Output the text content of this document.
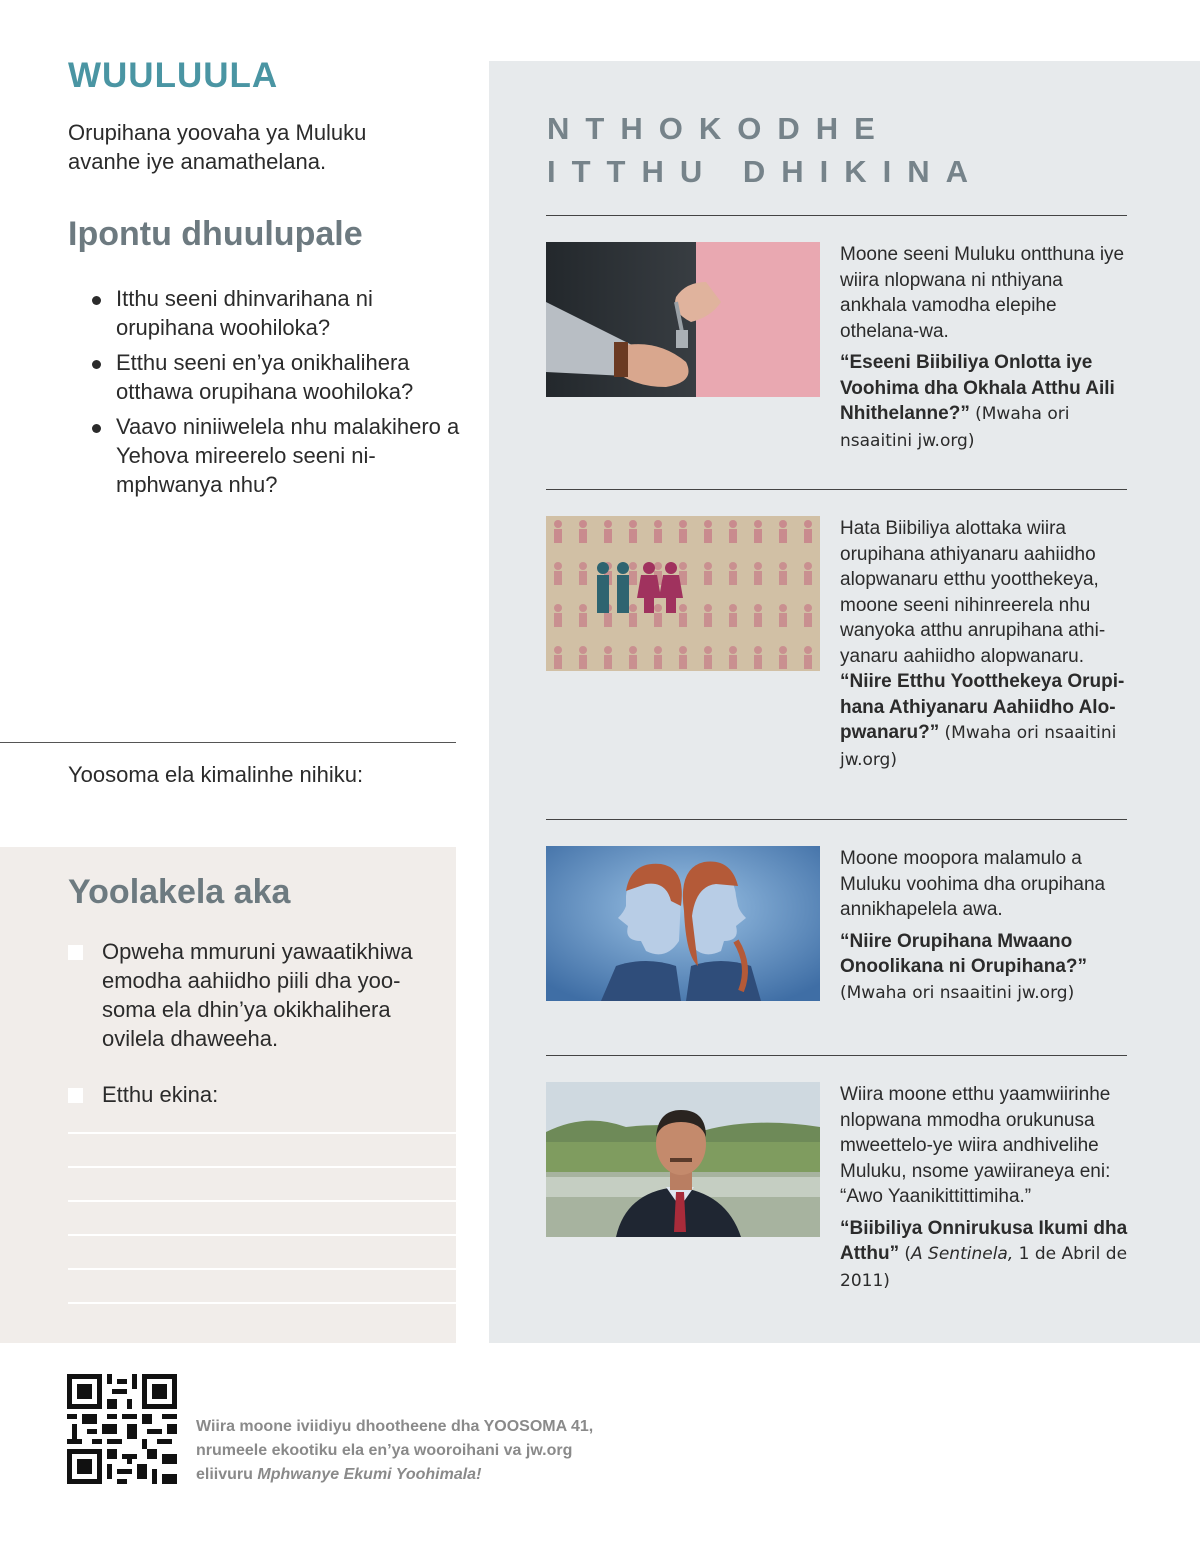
WUULUULA

Orupihana yoovaha ya Muluku avanhe iye anamathelana.

Ipontu dhuulupale
Itthu seeni dhinvarihana ni orupihana woohiloka?
Etthu seeni en’ya onikhalihera otthawa orupihana woohiloka?
Vaavo niniiwelela nhu malakihero a Yehova mireerelo seeni nimphwanya nhu?
Yoosoma ela kimalinhe nihiku:
Yoolakela aka
Opweha mmuruni yawaatikhiwa emodha aahiidho piili dha yoosoma ela dhin’ya okikhalihera ovilela dhaweeha.
Etthu ekina:
NTHOKODHE
ITTHU DHIKINA

Moone seeni Muluku ontthuna iye wiira nlopwana ni nthiyana ankhala vamodha elepihe othelana-wa.

“Eseeni Biibiliya Onlotta iye Voohima dha Okhala Atthu Aili Nhithelanne?” (Mwaha ori nsaaitini jw.org)

Hata Biibiliya alottaka wiira orupihana athiyanaru aahiidho alopwanaru etthu yootthekeya, moone seeni nihinreerela nhu wanyoka atthu anrupihana athiyanaru aahiidho alopwanaru.

“Niire Etthu Yootthekeya Orupihana Athiyanaru Aahiidho Alopwanaru?” (Mwaha ori nsaaitini jw.org)

Moone moopora malamulo a Muluku voohima dha orupihana annikhapelela awa.

“Niire Orupihana Mwaano Onoolikana ni Orupihana?” (Mwaha ori nsaaitini jw.org)

Wiira moone etthu yaamwiirinhe nlopwana mmodha orukunusa mweettelo-ye wiira andhivelihe Muluku, nsome yawiiraneya eni: “Awo Yaanikittittimiha.”

“Biibiliya Onnirukusa Ikumi dha Atthu” (A Sentinela, 1 de Abril de 2011)

Wiira moone iviidiyu dhootheene dha YOOSOMA 41,
nrumeele ekootiku ela en’ya wooroihani va jw.org
eliivuru Mphwanye Ekumi Yoohimala!
